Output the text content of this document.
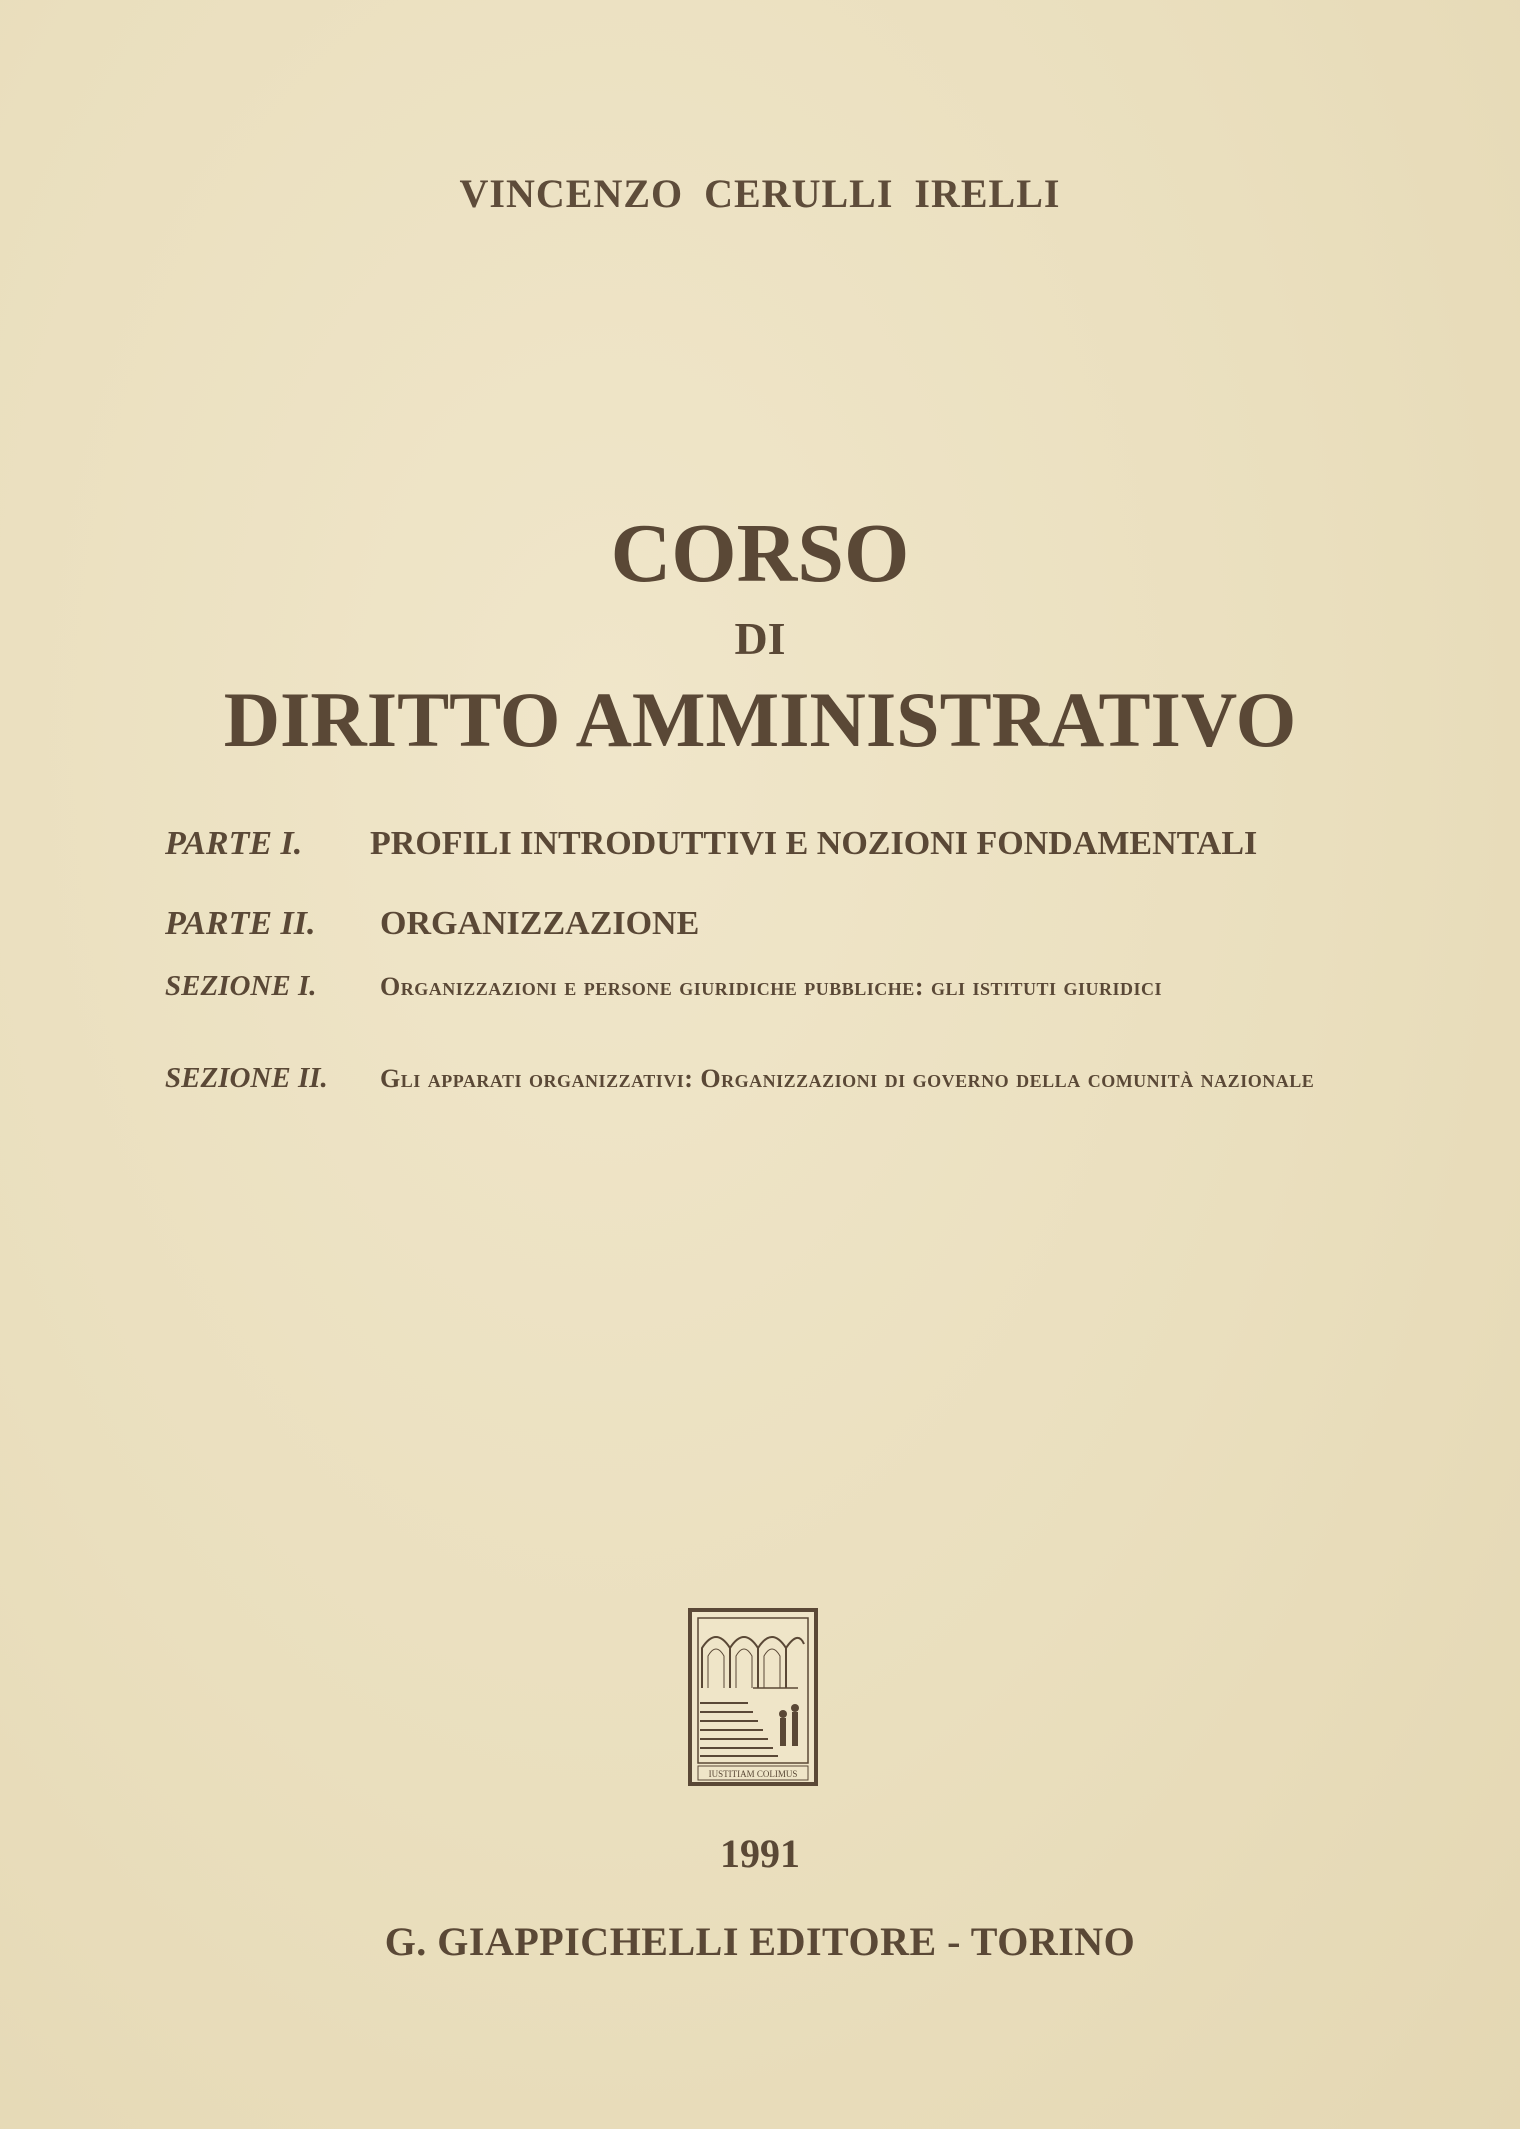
VINCENZO CERULLI IRELLI
CORSO
DI
DIRITTO AMMINISTRATIVO
PARTE I.	PROFILI INTRODUTTIVI E NOZIONI FONDAMENTALI
PARTE II.	ORGANIZZAZIONE
SEZIONE I.	Organizzazioni e persone giuridiche pubbliche: gli istituti giuridici
SEZIONE II.	Gli apparati organizzativi: Organizzazioni di governo della comunità nazionale
IUSTITIAM COLIMUS
1991
G. GIAPPICHELLI EDITORE - TORINO
